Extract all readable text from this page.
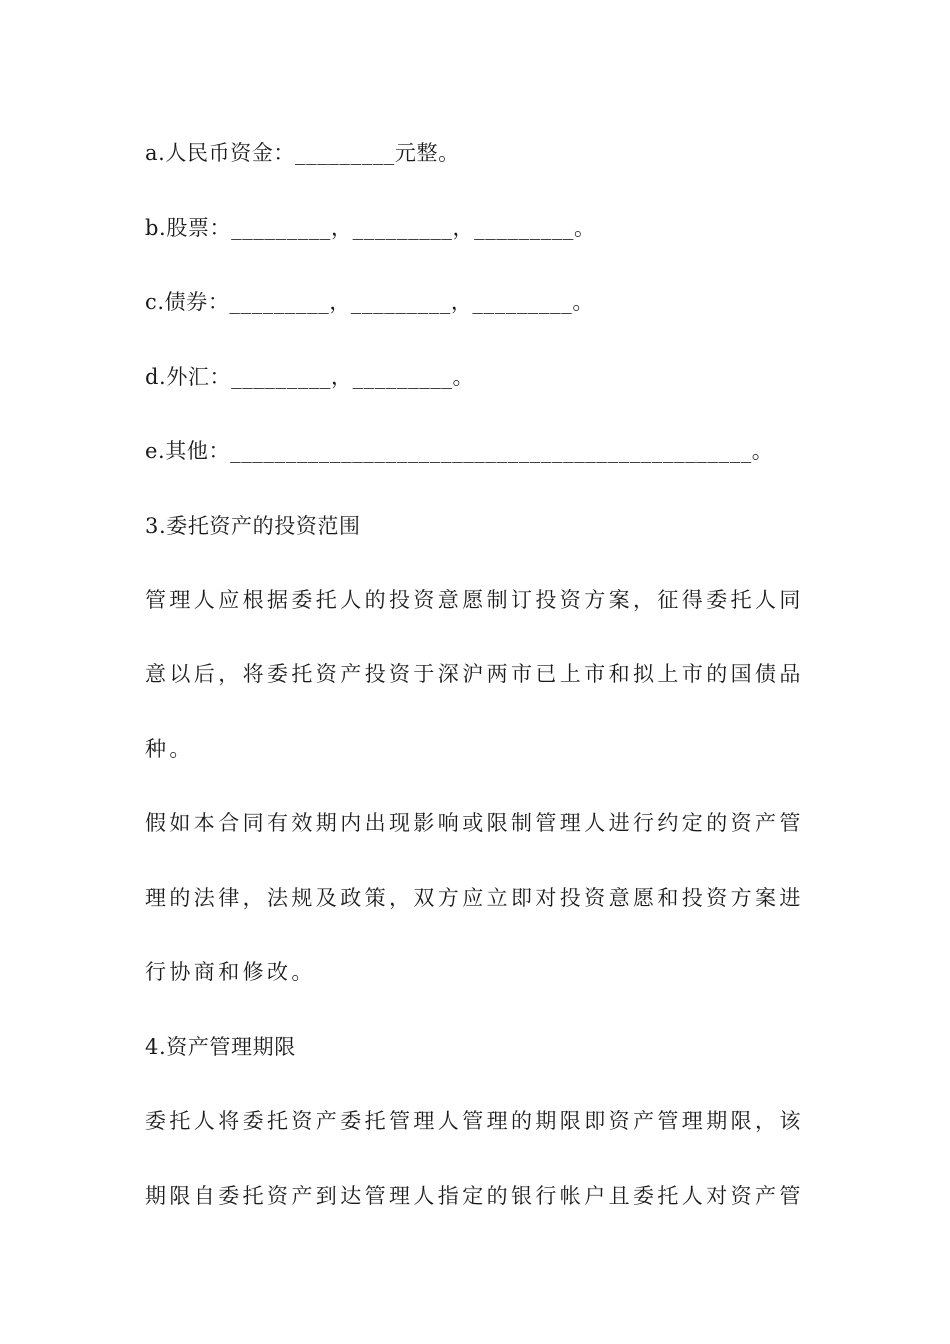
a.人民币资金：_________元整。
b.股票：_________，_________，_________。
c.债券：_________，_________，_________。
d.外汇：_________，_________。
e.其他：_______________________________________________。
3.委托资产的投资范围
管理人应根据委托人的投资意愿制订投资方案，征得委托人同
意以后，将委托资产投资于深沪两市已上市和拟上市的国债品
种。
假如本合同有效期内出现影响或限制管理人进行约定的资产管
理的法律，法规及政策，双方应立即对投资意愿和投资方案进
行协商和修改。
4.资产管理期限
委托人将委托资产委托管理人管理的期限即资产管理期限，该
期限自委托资产到达管理人指定的银行帐户且委托人对资产管
